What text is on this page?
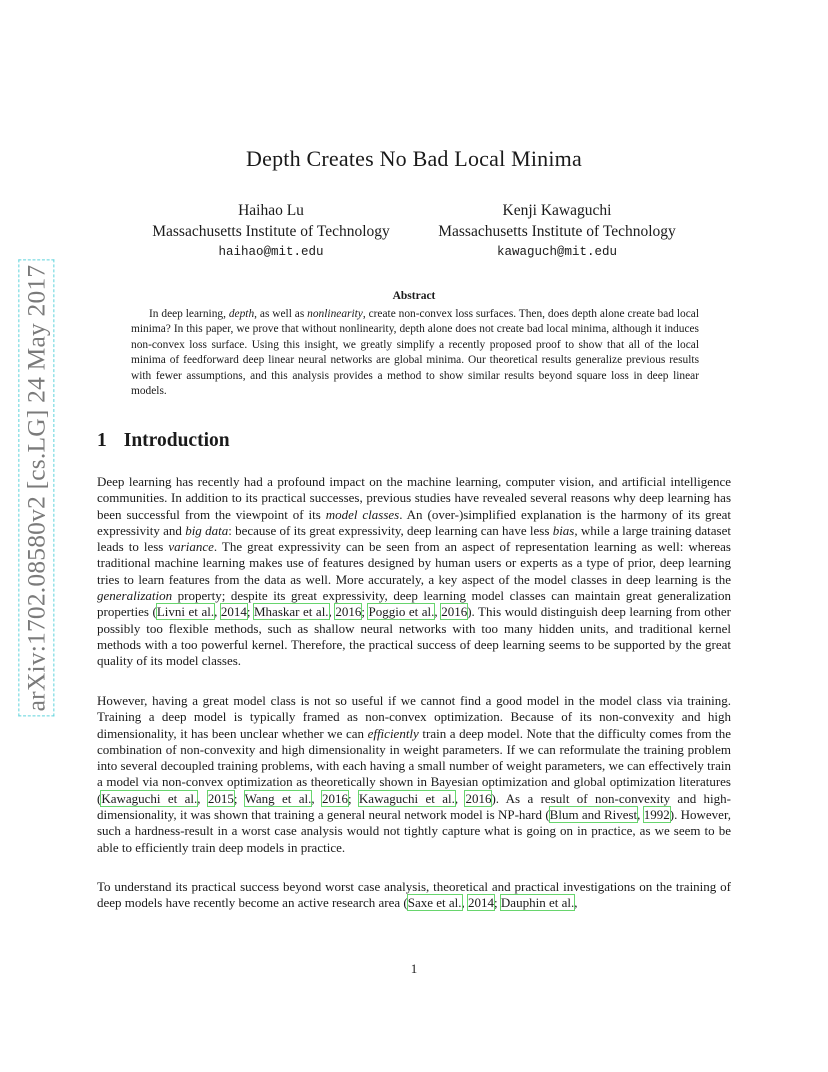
arXiv:1702.08580v2 [cs.LG] 24 May 2017
Depth Creates No Bad Local Minima
Haihao Lu
Massachusetts Institute of Technology
haihao@mit.edu
Kenji Kawaguchi
Massachusetts Institute of Technology
kawaguch@mit.edu
Abstract
In deep learning, depth, as well as nonlinearity, create non-convex loss surfaces. Then, does depth alone create bad local minima? In this paper, we prove that without nonlinearity, depth alone does not create bad local minima, although it induces non-convex loss surface. Using this insight, we greatly simplify a recently proposed proof to show that all of the local minima of feedforward deep linear neural networks are global minima. Our theoretical results generalize previous results with fewer assumptions, and this analysis provides a method to show similar results beyond square loss in deep linear models.
1 Introduction
Deep learning has recently had a profound impact on the machine learning, computer vision, and artificial intelligence communities. In addition to its practical successes, previous studies have revealed several reasons why deep learning has been successful from the viewpoint of its model classes. An (over-)simplified explanation is the harmony of its great expressivity and big data: because of its great expressivity, deep learning can have less bias, while a large training dataset leads to less variance. The great expressivity can be seen from an aspect of representation learning as well: whereas traditional machine learning makes use of features designed by human users or experts as a type of prior, deep learning tries to learn features from the data as well. More accurately, a key aspect of the model classes in deep learning is the generalization property; despite its great expressivity, deep learning model classes can maintain great generalization properties (Livni et al., 2014; Mhaskar et al., 2016; Poggio et al., 2016). This would distinguish deep learning from other possibly too flexible methods, such as shallow neural networks with too many hidden units, and traditional kernel methods with a too powerful kernel. Therefore, the practical success of deep learning seems to be supported by the great quality of its model classes.
However, having a great model class is not so useful if we cannot find a good model in the model class via training. Training a deep model is typically framed as non-convex optimization. Because of its non-convexity and high dimensionality, it has been unclear whether we can efficiently train a deep model. Note that the difficulty comes from the combination of non-convexity and high dimensionality in weight parameters. If we can reformulate the training problem into several decoupled training problems, with each having a small number of weight parameters, we can effectively train a model via non-convex optimization as theoretically shown in Bayesian optimization and global optimization literatures (Kawaguchi et al., 2015; Wang et al., 2016; Kawaguchi et al., 2016). As a result of non-convexity and high-dimensionality, it was shown that training a general neural network model is NP-hard (Blum and Rivest, 1992). However, such a hardness-result in a worst case analysis would not tightly capture what is going on in practice, as we seem to be able to efficiently train deep models in practice.
To understand its practical success beyond worst case analysis, theoretical and practical investigations on the training of deep models have recently become an active research area (Saxe et al., 2014; Dauphin et al.,
1
